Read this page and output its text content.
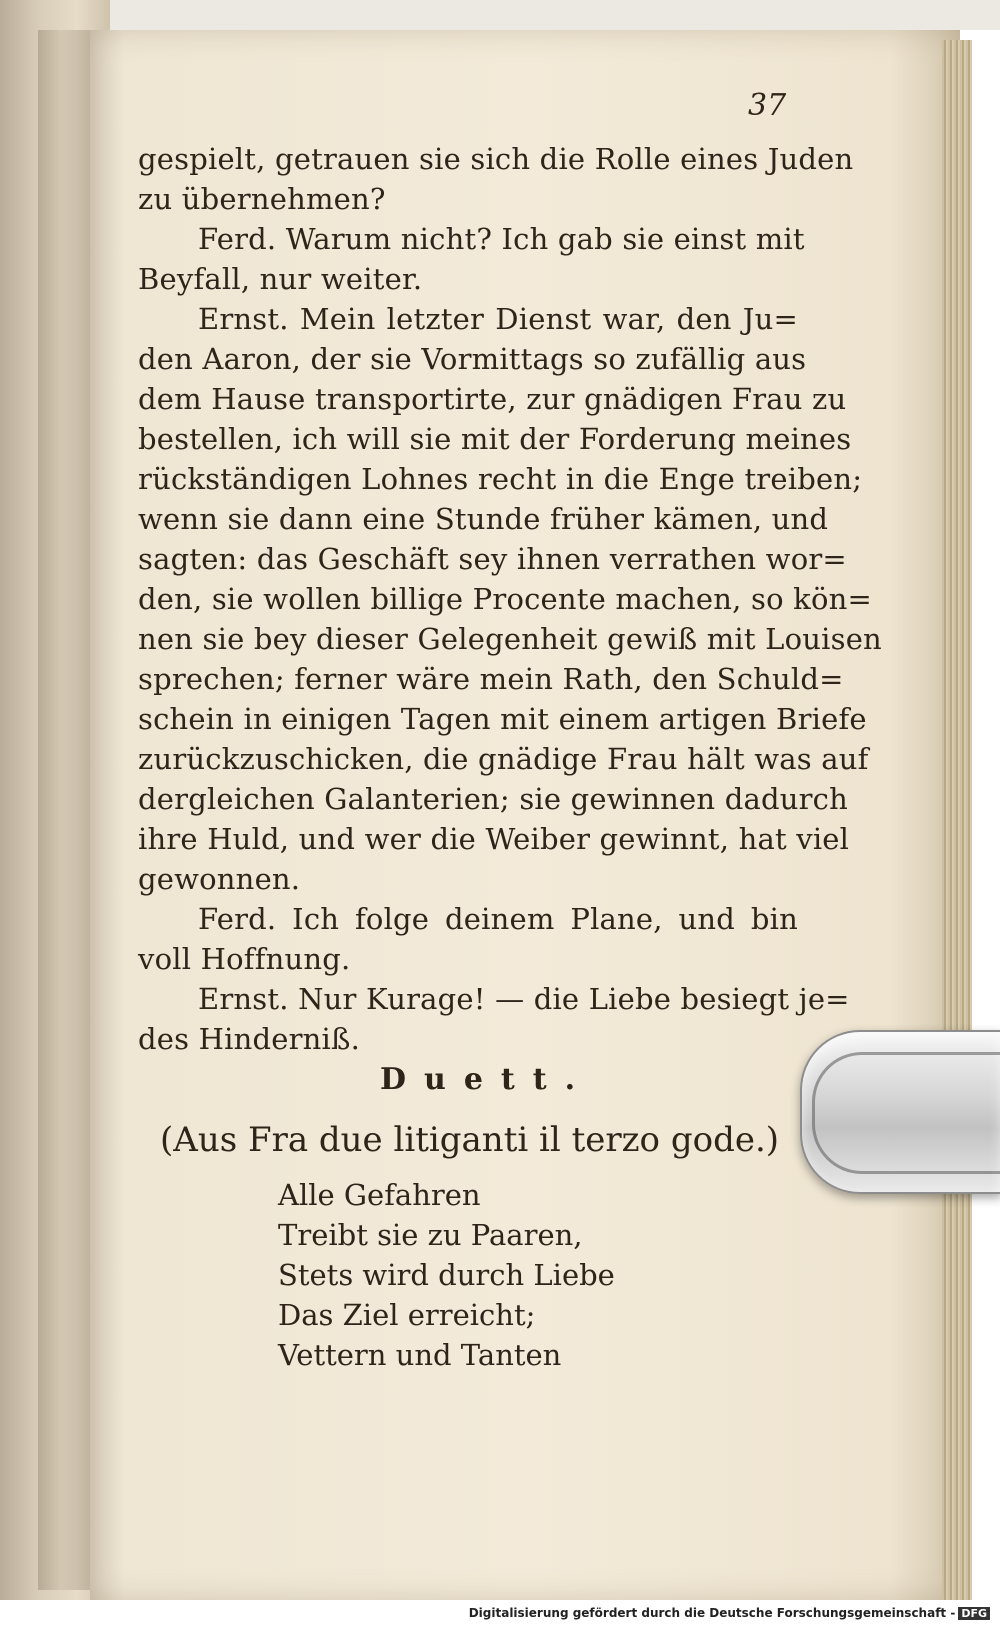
37
gespielt, getrauen sie sich die Rolle eines Juden
zu übernehmen?
Ferd. Warum nicht? Ich gab sie einst mit
Beyfall, nur weiter.
Ernst. Mein letzter Dienst war, den Ju=
den Aaron, der sie Vormittags so zufällig aus
dem Hause transportirte, zur gnädigen Frau zu
bestellen, ich will sie mit der Forderung meines
rückständigen Lohnes recht in die Enge treiben;
wenn sie dann eine Stunde früher kämen, und
sagten: das Geschäft sey ihnen verrathen wor=
den, sie wollen billige Procente machen, so kön=
nen sie bey dieser Gelegenheit gewiß mit Louisen
sprechen; ferner wäre mein Rath, den Schuld=
schein in einigen Tagen mit einem artigen Briefe
zurückzuschicken, die gnädige Frau hält was auf
dergleichen Galanterien; sie gewinnen dadurch
ihre Huld, und wer die Weiber gewinnt, hat viel
gewonnen.
Ferd. Ich folge deinem Plane, und bin
voll Hoffnung.
Ernst. Nur Kurage! — die Liebe besiegt je=
des Hinderniß.
Duett.
(Aus Fra due litiganti il terzo gode.)
Alle Gefahren
Treibt sie zu Paaren,
Stets wird durch Liebe
Das Ziel erreicht;
Vettern und Tanten
Digitalisierung gefördert durch die Deutsche Forschungsgemeinschaft - DFG
